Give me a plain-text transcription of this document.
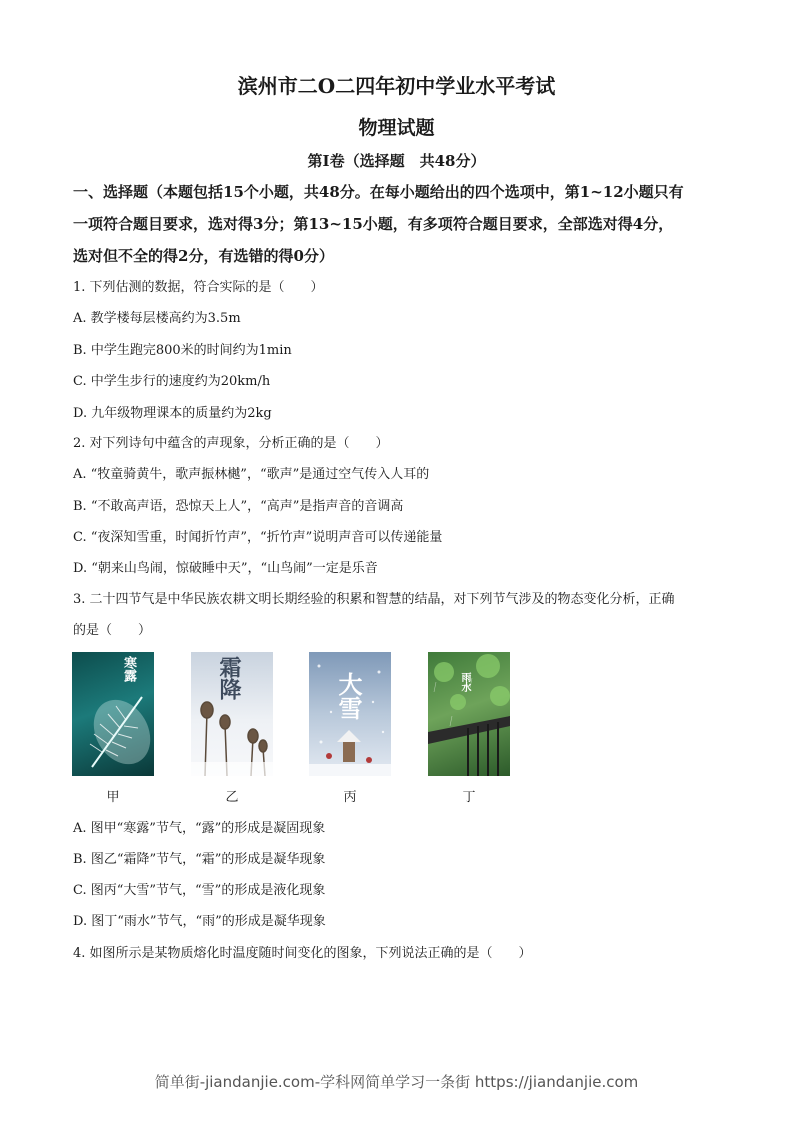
滨州市二O二四年初中学业水平考试
物理试题
第Ⅰ卷（选择题　共48分）
一、选择题（本题包括15个小题，共48分。在每小题给出的四个选项中，第1~12小题只有
一项符合题目要求，选对得3分；第13~15小题，有多项符合题目要求，全部选对得4分，
选对但不全的得2分，有选错的得0分）
1. 下列估测的数据，符合实际的是（　　）
A. 教学楼每层楼高约为3.5m
B. 中学生跑完800米的时间约为1min
C. 中学生步行的速度约为20km/h
D. 九年级物理课本的质量约为2kg
2. 对下列诗句中蕴含的声现象，分析正确的是（　　）
A. “牧童骑黄牛，歌声振林樾”，“歌声”是通过空气传入人耳的
B. “不敢高声语，恐惊天上人”，“高声”是指声音的音调高
C. “夜深知雪重，时闻折竹声”，“折竹声”说明声音可以传递能量
D. “朝来山鸟闹，惊破睡中天”，“山鸟闹”一定是乐音
3. 二十四节气是中华民族农耕文明长期经验的积累和智慧的结晶，对下列节气涉及的物态变化分析，正确
的是（　　）
寒露
甲
霜降
乙
大雪
丙
雨水
丁
A. 图甲“寒露”节气，“露”的形成是凝固现象
B. 图乙“霜降”节气，“霜”的形成是凝华现象
C. 图丙“大雪”节气，“雪”的形成是液化现象
D. 图丁“雨水”节气，“雨”的形成是凝华现象
4. 如图所示是某物质熔化时温度随时间变化的图象，下列说法正确的是（　　）
简单街-jiandanjie.com-学科网简单学习一条街 https://jiandanjie.com
